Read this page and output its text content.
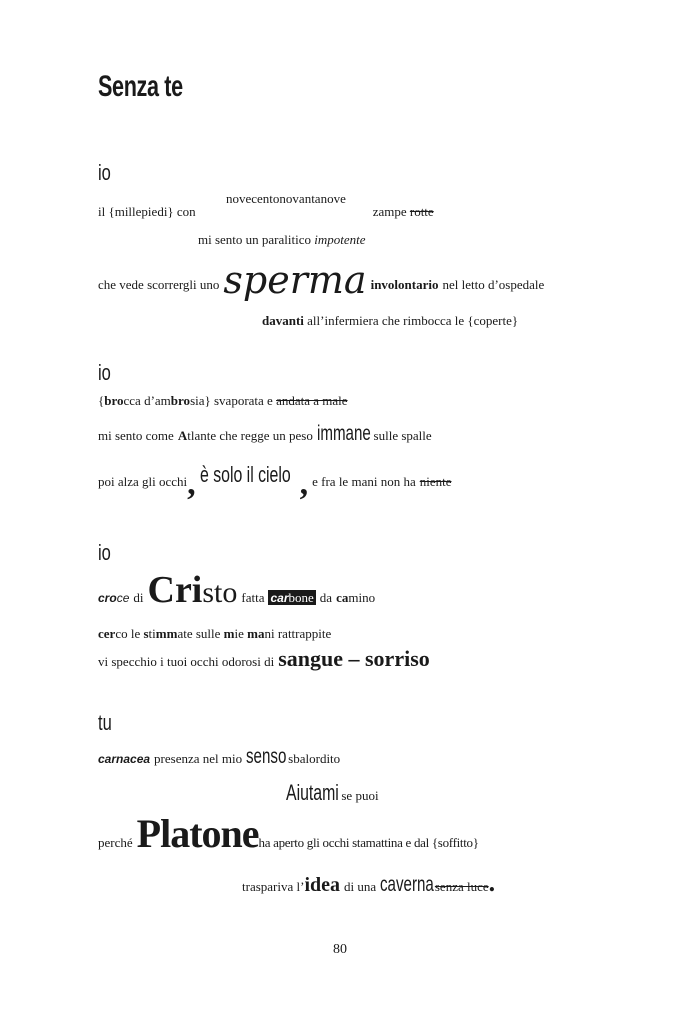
Senza te
io
novecentonovantanove
il {millepiedi} con	zampe rotte
mi sento un paralitico impotente
che vede scorrergli uno sperma involontario nel letto d’ospedale
davanti all’infermiera che rimbocca le {coperte}
io
{brocca d’ambrosia} svaporata e andata a male
mi sento come Atlante che regge un peso immane sulle spalle
poi alza gli occhi, è solo il cielo , e fra le mani non ha niente
io
croce di Cristo fatta carbone da camino
cerco le stimmate sulle mie mani rattrappite
vi specchio i tuoi occhi odorosi di sangue – sorriso
tu
carnacea presenza nel mio senso sbalordito
Aiutami se puoi
perché Platoneha aperto gli occhi stamattina e dal {soffitto}
traspariva l’idea di una cavernasenza luce.
80
